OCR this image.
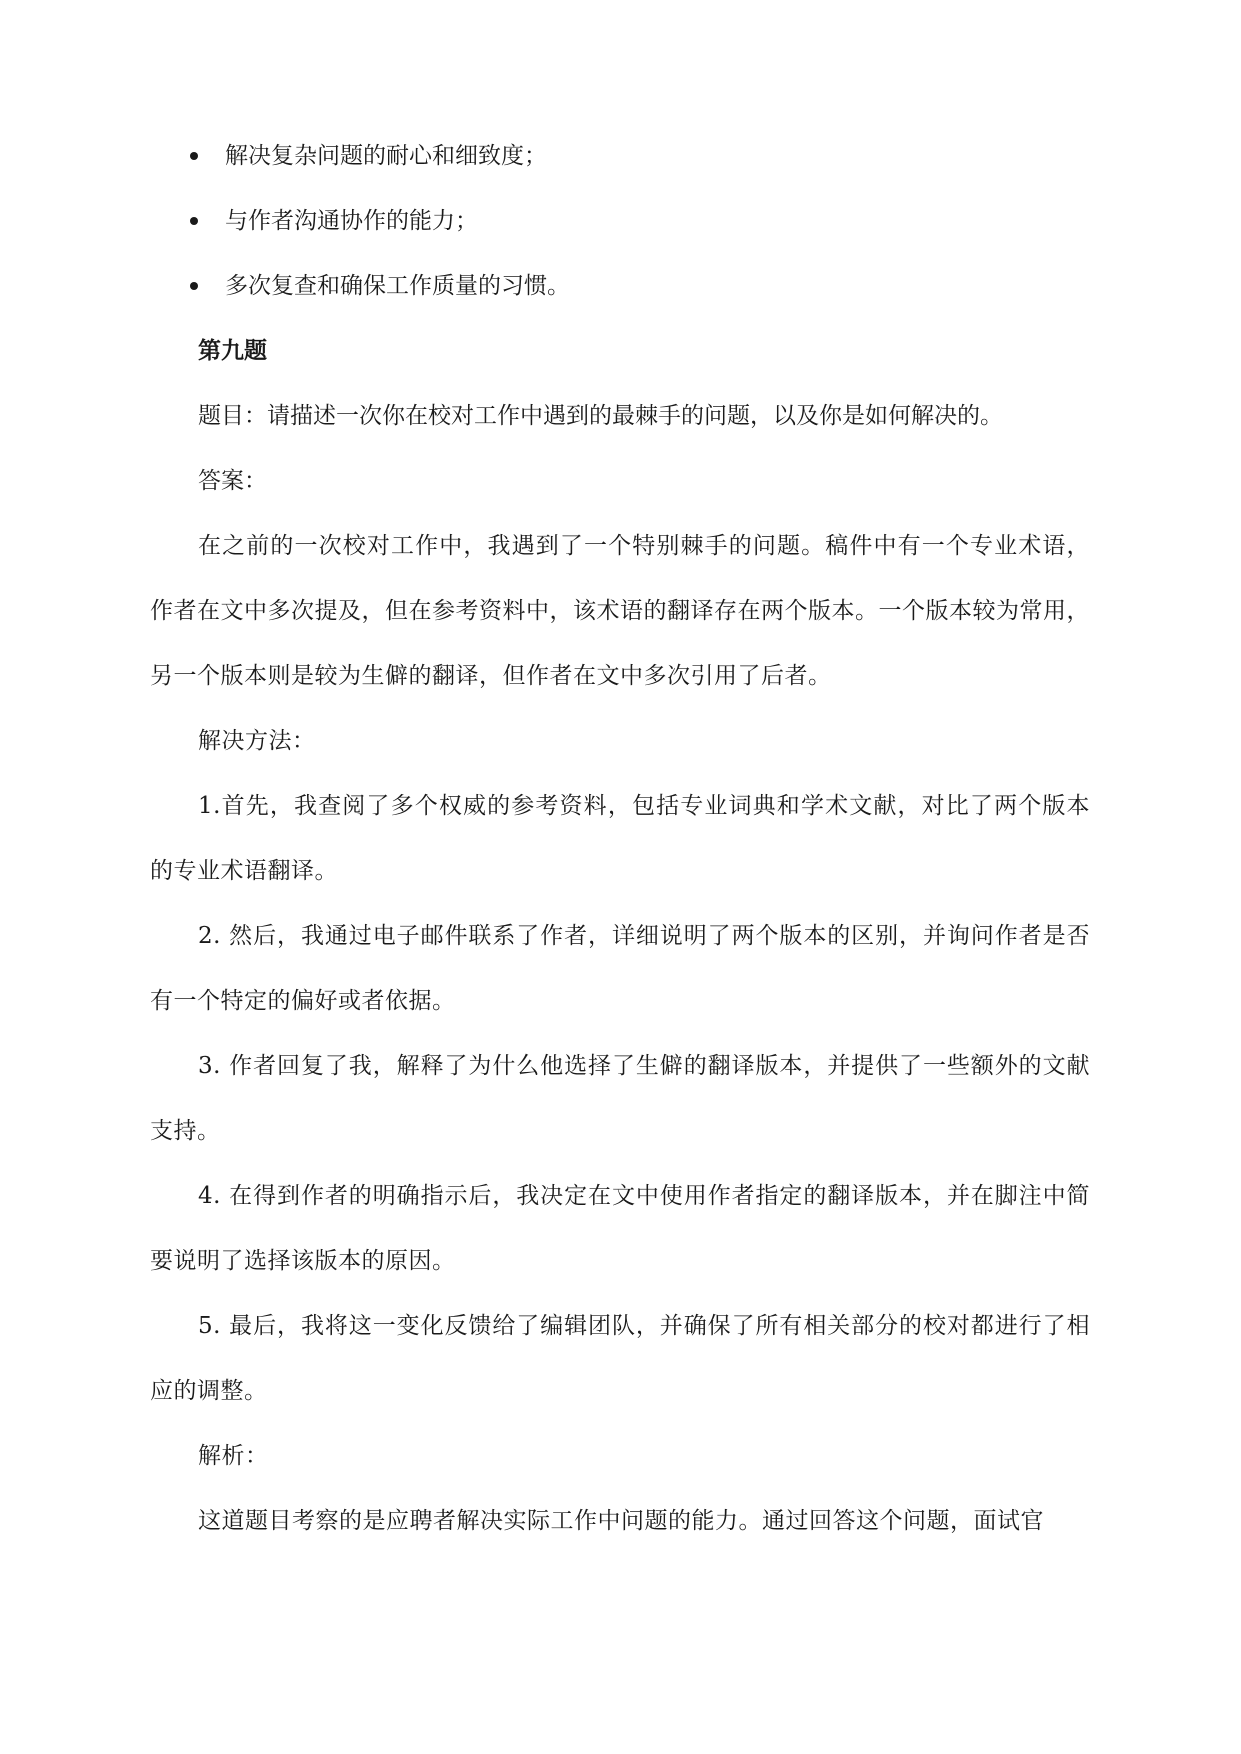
解决复杂问题的耐心和细致度；
与作者沟通协作的能力；
多次复查和确保工作质量的习惯。
第九题

题目：请描述一次你在校对工作中遇到的最棘手的问题，以及你是如何解决的。

答案：

在之前的一次校对工作中，我遇到了一个特别棘手的问题。稿件中有一个专业术语，作者在文中多次提及，但在参考资料中，该术语的翻译存在两个版本。一个版本较为常用，另一个版本则是较为生僻的翻译，但作者在文中多次引用了后者。

解决方法：

1.首先，我查阅了多个权威的参考资料，包括专业词典和学术文献，对比了两个版本的专业术语翻译。

2. 然后，我通过电子邮件联系了作者，详细说明了两个版本的区别，并询问作者是否有一个特定的偏好或者依据。

3. 作者回复了我，解释了为什么他选择了生僻的翻译版本，并提供了一些额外的文献支持。

4. 在得到作者的明确指示后，我决定在文中使用作者指定的翻译版本，并在脚注中简要说明了选择该版本的原因。

5. 最后，我将这一变化反馈给了编辑团队，并确保了所有相关部分的校对都进行了相应的调整。

解析：

这道题目考察的是应聘者解决实际工作中问题的能力。通过回答这个问题，面试官
